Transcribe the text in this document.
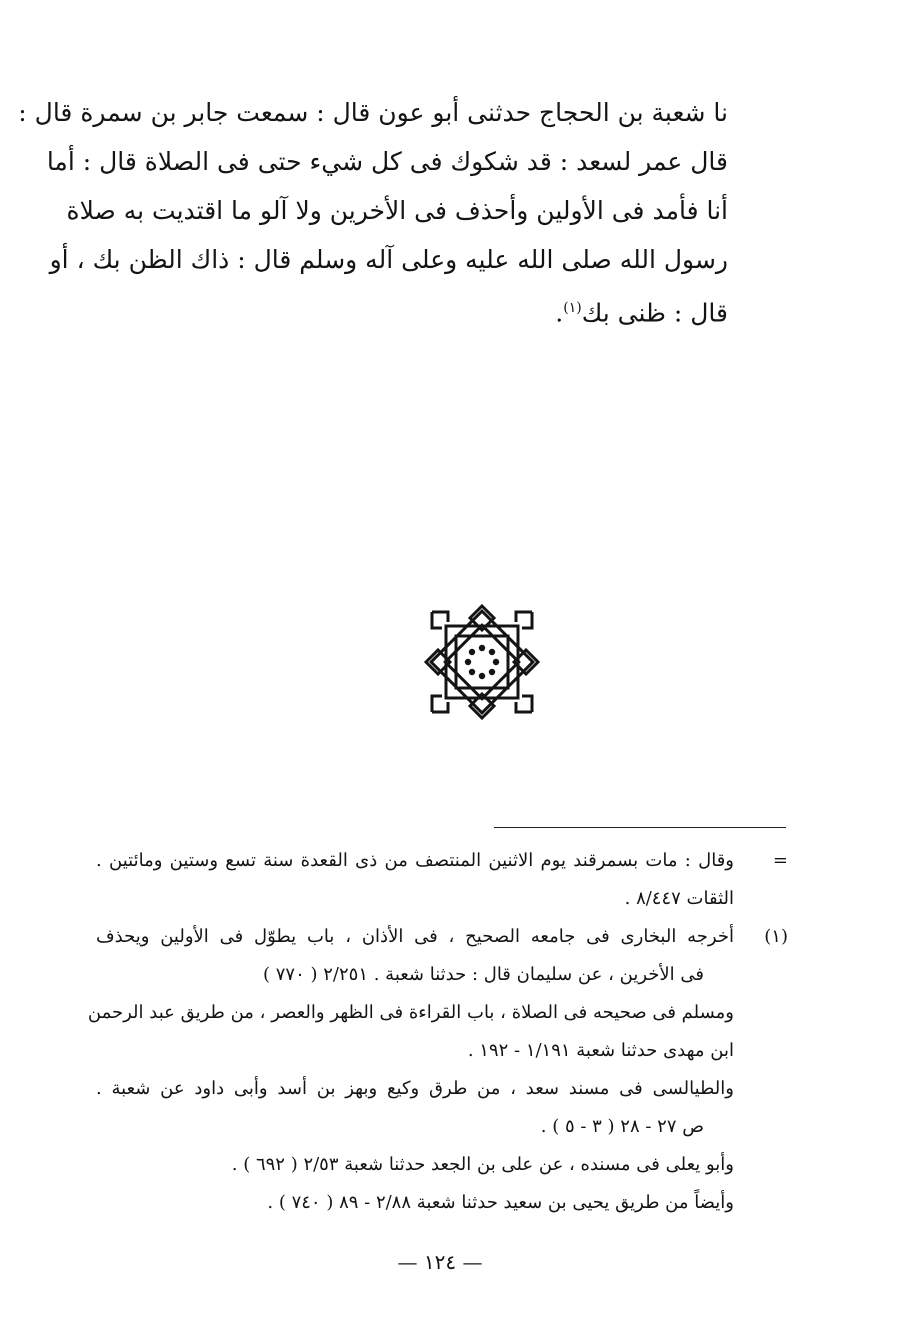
نا شعبة بن الحجاج حدثنى أبو عون قال : سمعت جابر بن سمرة قال :
قال عمر لسعد : قد شكوك فى كل شيء حتى فى الصلاة قال : أما
أنا فأمد فى الأولين وأحذف فى الأخرين ولا آلو ما اقتديت به صلاة
رسول الله صلى الله عليه وعلى آله وسلم قال : ذاك الظن بك ، أو
قال : ظنى بك$^{(١)}$.
=
وقال : مات بسمرقند يوم الاثنين المنتصف من ذى القعدة سنة تسع وستين ومائتين .
الثقات ٨/٤٤٧ .
(١)
أخرجه البخارى فى جامعه الصحيح ، فى الأذان ، باب يطوّل فى الأولين ويحذف
فى الأخرين ، عن سليمان قال : حدثنا شعبة . ٢/٢٥١ ( ٧٧٠ )
ومسلم فى صحيحه فى الصلاة ، باب القراءة فى الظهر والعصر ، من طريق عبد الرحمن
ابن مهدى حدثنا شعبة ١/١٩١ - ١٩٢ .
والطيالسى فى مسند سعد ، من طرق وكيع وبهز بن أسد وأبى داود عن شعبة .
ص ٢٧ - ٢٨ ( ٣ - ٥ ) .
وأبو يعلى فى مسنده ، عن على بن الجعد حدثنا شعبة ٢/٥٣ ( ٦٩٢ ) .
وأيضاً من طريق يحيى بن سعيد حدثنا شعبة ٢/٨٨ - ٨٩ ( ٧٤٠ ) .
— ١٢٤ —
